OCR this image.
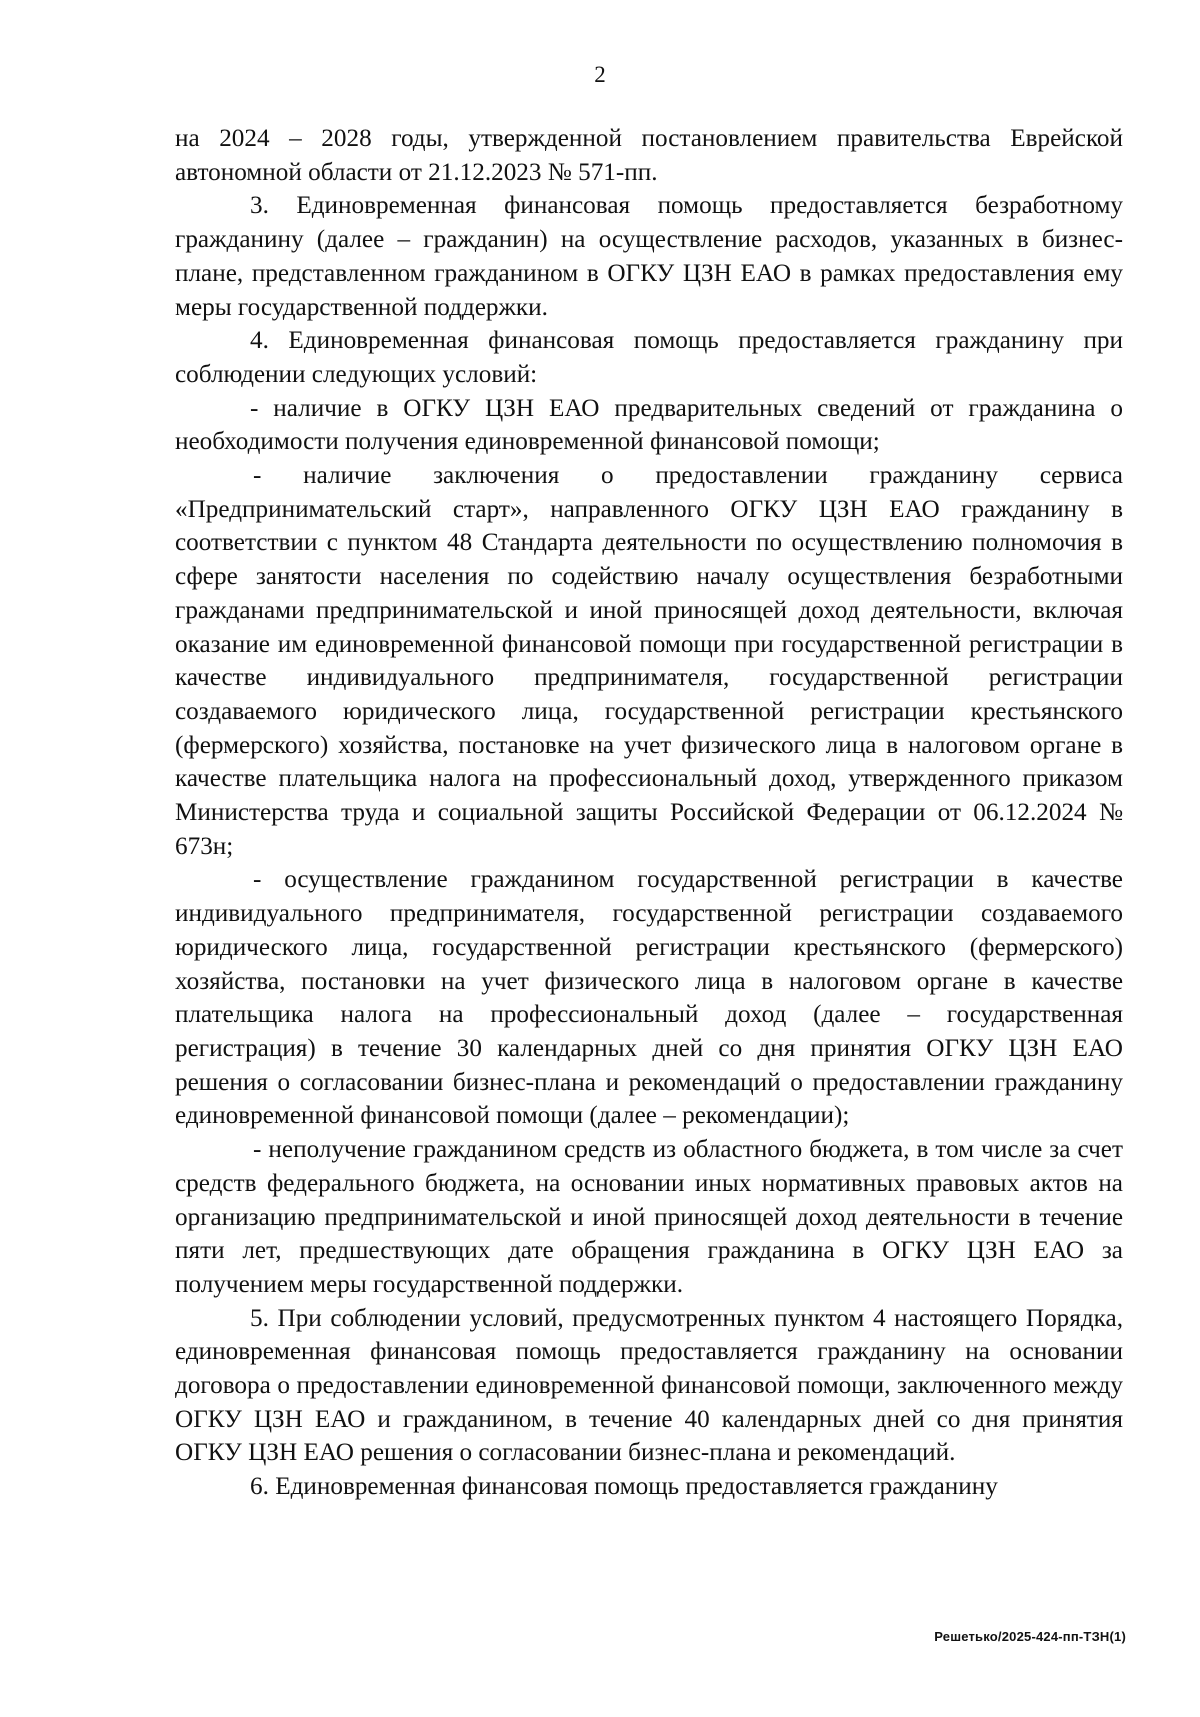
2

на 2024 – 2028 годы, утвержденной постановлением правительства Еврейской автономной области от 21.12.2023 № 571-пп.

3. Единовременная финансовая помощь предоставляется безработному гражданину (далее – гражданин) на осуществление расходов, указанных в бизнес-плане, представленном гражданином в ОГКУ ЦЗН ЕАО в рамках предоставления ему меры государственной поддержки.

4. Единовременная финансовая помощь предоставляется гражданину при соблюдении следующих условий:

- наличие в ОГКУ ЦЗН ЕАО предварительных сведений от гражданина о необходимости получения единовременной финансовой помощи;

- наличие заключения о предоставлении гражданину сервиса «Предпринимательский старт», направленного ОГКУ ЦЗН ЕАО гражданину в соответствии с пунктом 48 Стандарта деятельности по осуществлению полномочия в сфере занятости населения по содействию началу осуществления безработными гражданами предпринимательской и иной приносящей доход деятельности, включая оказание им единовременной финансовой помощи при государственной регистрации в качестве индивидуального предпринимателя, государственной регистрации создаваемого юридического лица, государственной регистрации крестьянского (фермерского) хозяйства, постановке на учет физического лица в налоговом органе в качестве плательщика налога на профессиональный доход, утвержденного приказом Министерства труда и социальной защиты Российской Федерации от 06.12.2024 № 673н;

- осуществление гражданином государственной регистрации в качестве индивидуального предпринимателя, государственной регистрации создаваемого юридического лица, государственной регистрации крестьянского (фермерского) хозяйства, постановки на учет физического лица в налоговом органе в качестве плательщика налога на профессиональный доход (далее – государственная регистрация) в течение 30 календарных дней со дня принятия ОГКУ ЦЗН ЕАО решения о согласовании бизнес-плана и рекомендаций о предоставлении гражданину единовременной финансовой помощи (далее – рекомендации);

- неполучение гражданином средств из областного бюджета, в том числе за счет средств федерального бюджета, на основании иных нормативных правовых актов на организацию предпринимательской и иной приносящей доход деятельности в течение пяти лет, предшествующих дате обращения гражданина в ОГКУ ЦЗН ЕАО за получением меры государственной поддержки.

5. При соблюдении условий, предусмотренных пунктом 4 настоящего Порядка, единовременная финансовая помощь предоставляется гражданину на основании договора о предоставлении единовременной финансовой помощи, заключенного между ОГКУ ЦЗН ЕАО и гражданином, в течение 40 календарных дней со дня принятия ОГКУ ЦЗН ЕАО решения о согласовании бизнес-плана и рекомендаций.

6. Единовременная финансовая помощь предоставляется гражданину

Решетько/2025-424-пп-ТЗН(1)
